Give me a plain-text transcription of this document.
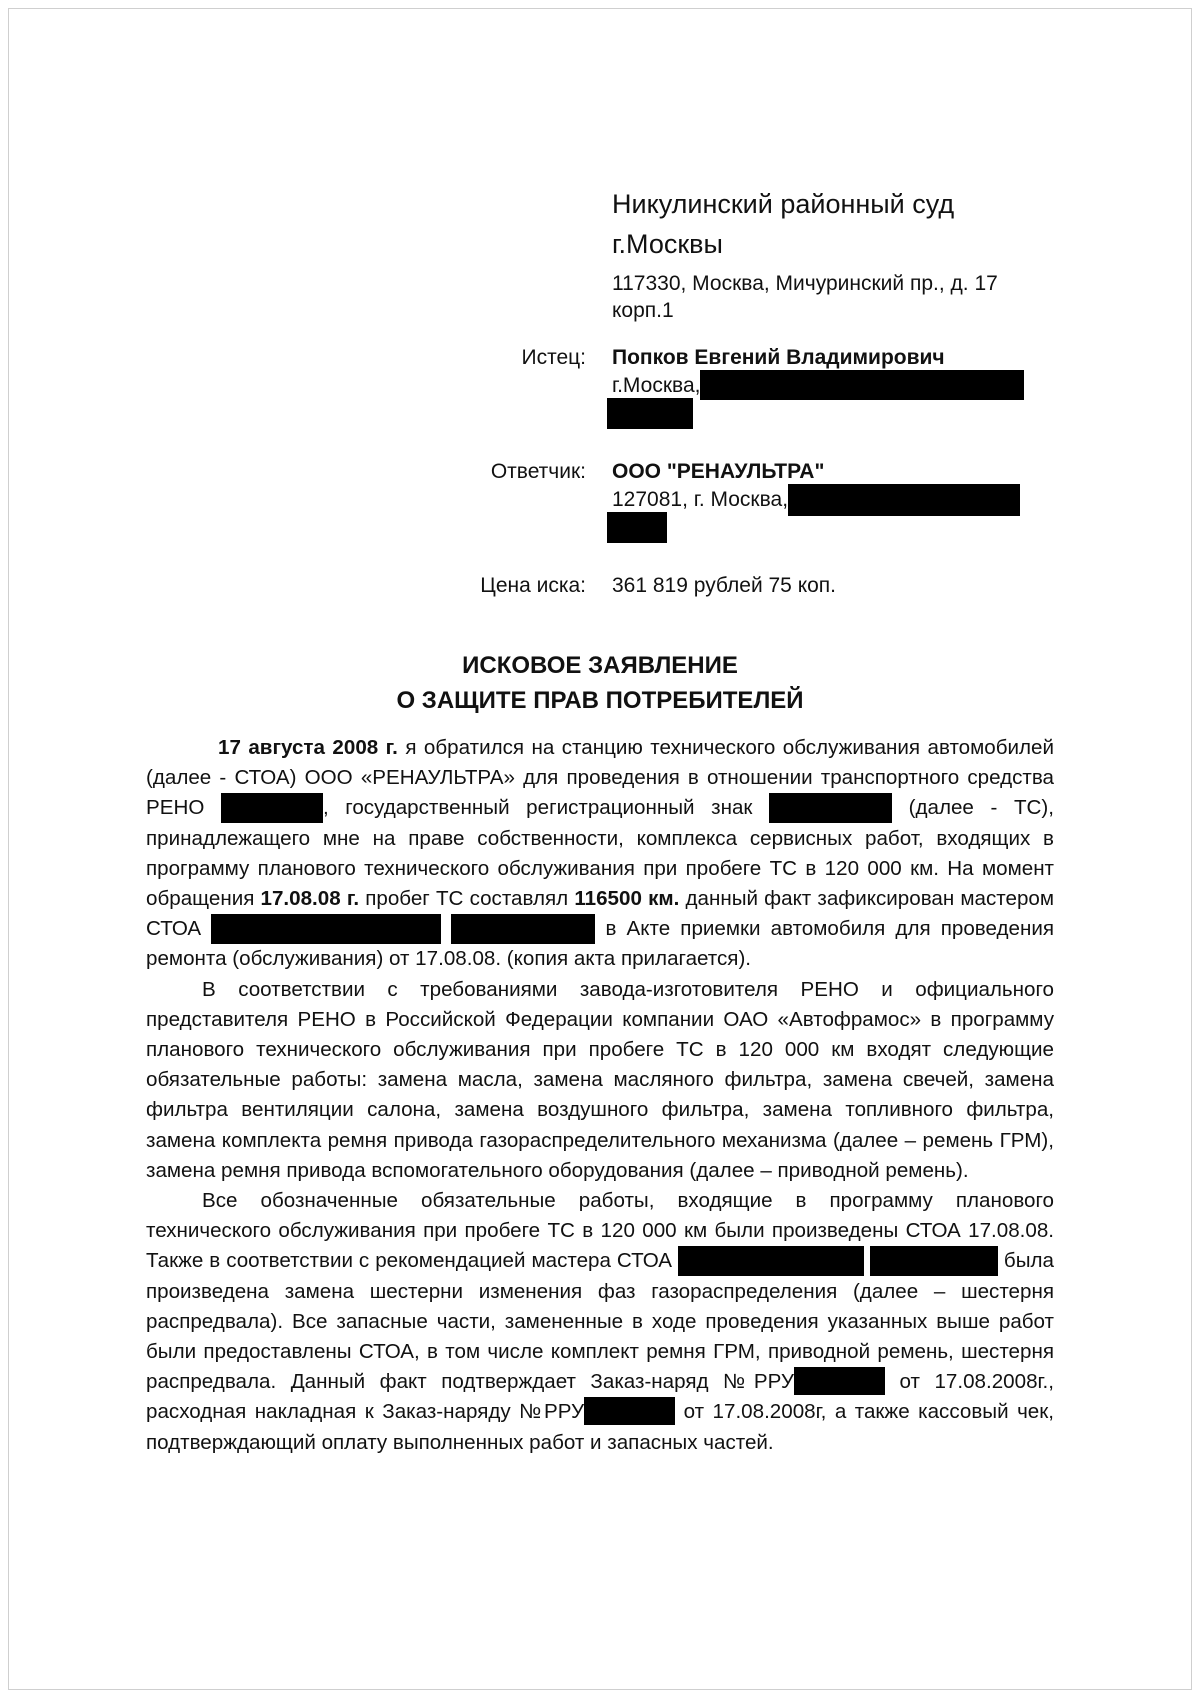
Никулинский районный суд
г.Москвы
117330, Москва, Мичуринский пр., д. 17
корп.1
Истец: Попков Евгений Владимирович
г.Москва,
Ответчик: ООО "РЕНАУЛЬТРА"
127081, г. Москва,
Цена иска: 361 819 рублей 75 коп.
ИСКОВОЕ ЗАЯВЛЕНИЕ
О ЗАЩИТЕ ПРАВ ПОТРЕБИТЕЛЕЙ

17 августа 2008 г. я обратился на станцию технического обслуживания автомобилей (далее - СТОА) ООО «РЕНАУЛЬТРА» для проведения в отношении транспортного средства РЕНО	, государственный регистрационный знак	(далее - ТС), принадлежащего мне на праве собственности, комплекса сервисных работ, входящих в программу планового технического обслуживания при пробеге ТС в 120 000 км. На момент обращения 17.08.08 г. пробег ТС составлял 116500 км. данный факт зафиксирован мастером СТОА	в Акте приемки автомобиля для проведения ремонта (обслуживания) от 17.08.08. (копия акта прилагается).

В соответствии с требованиями завода-изготовителя РЕНО и официального представителя РЕНО в Российской Федерации компании ОАО «Автофрамос» в программу планового технического обслуживания при пробеге ТС в 120 000 км входят следующие обязательные работы: замена масла, замена масляного фильтра, замена свечей, замена фильтра вентиляции салона, замена воздушного фильтра, замена топливного фильтра, замена комплекта ремня привода газораспределительного механизма (далее – ремень ГРМ), замена ремня привода вспомогательного оборудования (далее – приводной ремень).

Все обозначенные обязательные работы, входящие в программу планового технического обслуживания при пробеге ТС в 120 000 км были произведены СТОА 17.08.08. Также в соответствии с рекомендацией мастера СТОА	была произведена замена шестерни изменения фаз газораспределения (далее – шестерня распредвала). Все запасные части, замененные в ходе проведения указанных выше работ были предоставлены СТОА, в том числе комплект ремня ГРМ, приводной ремень, шестерня распредвала. Данный факт подтверждает Заказ-наряд №РРУ	от 17.08.2008г., расходная накладная к Заказ-наряду №РРУ	от 17.08.2008г, а также кассовый чек, подтверждающий оплату выполненных работ и запасных частей.
